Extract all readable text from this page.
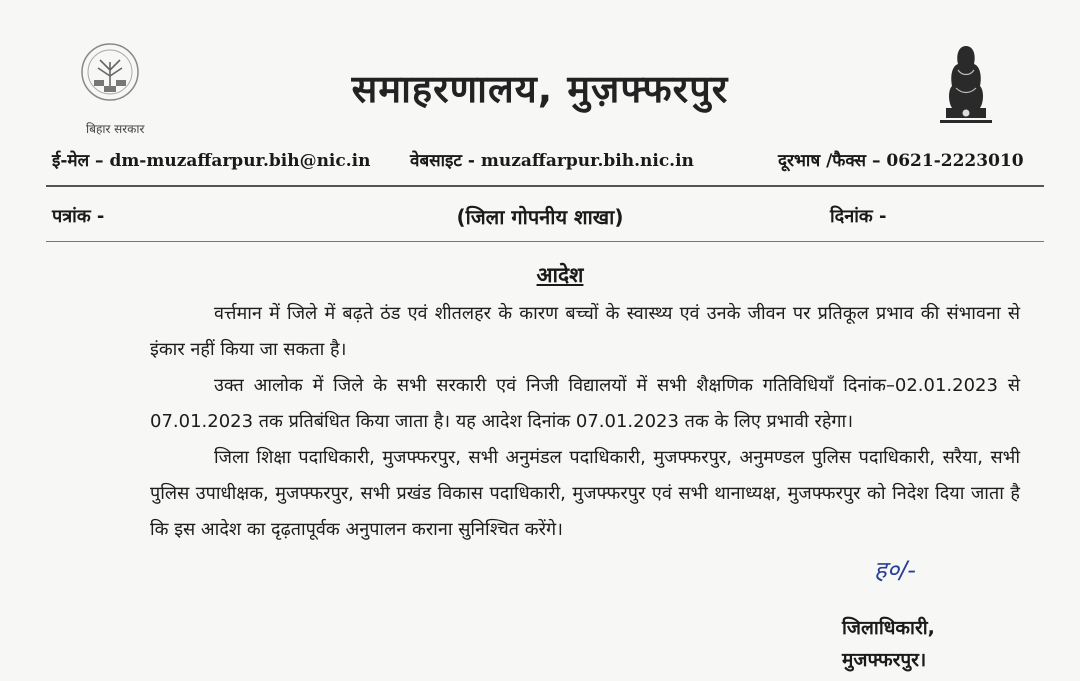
बिहार सरकार
समाहरणालय, मुज़फ्फरपुर
ई-मेल – dm-muzaffarpur.bih@nic.in वेबसाइट - muzaffarpur.bih.nic.in	दूरभाष /फैक्स – 0621-2223010
पत्रांक -	(जिला गोपनीय शाखा)	दिनांक -
आदेश

वर्त्तमान में जिले में बढ़ते ठंड एवं शीतलहर के कारण बच्चों के स्वास्थ्य एवं उनके जीवन पर प्रतिकूल प्रभाव की संभावना से इंकार नहीं किया जा सकता है।

उक्त आलोक में जिले के सभी सरकारी एवं निजी विद्यालयों में सभी शैक्षणिक गतिविधियाँ दिनांक–02.01.2023 से 07.01.2023 तक प्रतिबंधित किया जाता है। यह आदेश दिनांक 07.01.2023 तक के लिए प्रभावी रहेगा।

जिला शिक्षा पदाधिकारी, मुजफ्फरपुर, सभी अनुमंडल पदाधिकारी, मुजफ्फरपुर, अनुमण्डल पुलिस पदाधिकारी, सरैया, सभी पुलिस उपाधीक्षक, मुजफ्फरपुर, सभी प्रखंड विकास पदाधिकारी, मुजफ्फरपुर एवं सभी थानाध्यक्ष, मुजफ्फरपुर को निदेश दिया जाता है कि इस आदेश का दृढ़तापूर्वक अनुपालन कराना सुनिश्चित करेंगे।

ह०/-
जिलाधिकारी,
मुजफ्फरपुर।
